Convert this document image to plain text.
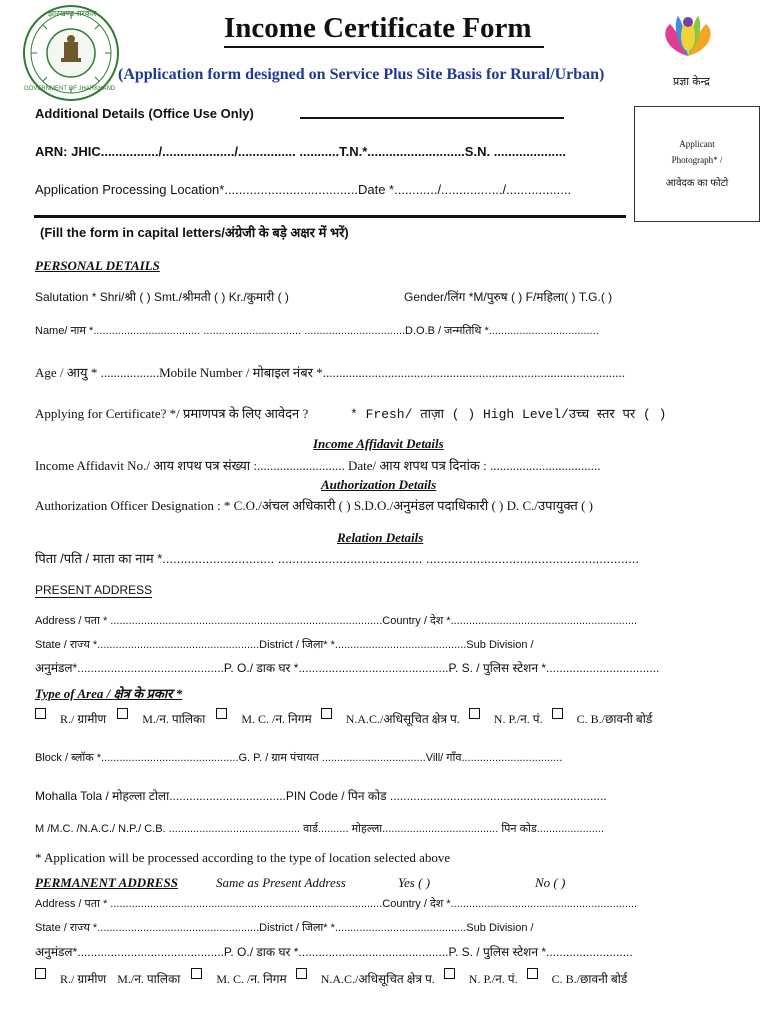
झारखण्ड सरकार
GOVERNMENT OF JHARKHAND
Income Certificate Form
(Application form designed on Service Plus Site Basis for Rural/Urban)	प्रज्ञा केन्द्र
Additional Details (Office Use Only)
ARN: JHIC................/..................../................ ...........T.N.*...........................S.N. ....................
Application Processing Location*.....................................Date *............/................./..................
Applicant
Photograph* /
आवेदक का फोटो
(Fill the form in capital letters/अंग्रेजी के बड़े अक्षर में भरें)
PERSONAL DETAILS
Salutation * Shri/श्री ( ) Smt./श्रीमती ( ) Kr./कुमारी ( )	Gender/लिंग *M/पुरुष ( ) F/महिला( ) T.G.( )
Name/ नाम *................................... ................................ .................................D.O.B / जन्मतिथि *....................................
Age / आयु * ..................Mobile Number / मोबाइल नंबर *.............................................................................................
Applying for Certificate? */ प्रमाणपत्र के लिए आवेदन ?	* Fresh/ ताज़ा ( ) High Level/उच्च स्तर पर ( )
Income Affidavit Details
Income Affidavit No./ आय शपथ पत्र संख्या :........................... Date/ आय शपथ पत्र दिनांक : ..................................
Authorization Details
Authorization Officer Designation : * C.O./अंचल अधिकारी ( ) S.D.O./अनुमंडल पदाधिकारी ( ) D. C./उपायुक्त ( )
Relation Details
पिता /पति / माता का नाम *............................... ........................................ ...........................................................
PRESENT ADDRESS
Address / पता * .........................................................................................Country / देश *.............................................................
State / राज्य *.....................................................District / जिला* *...........................................Sub Division /
अनुमंडल*............................................P. O./ डाक घर *.............................................P. S. / पुलिस स्टेशन *..................................
Type of Area / क्षेत्र के प्रकार *
R./ ग्रामीण	M./न. पालिका	M. C. /न. निगम	N.A.C./अधिसूचित क्षेत्र प.	N. P./न. पं.	C. B./छावनी बोर्ड
Block / ब्लॉक *.............................................G. P. / ग्राम पंचायत ..................................Vill/ गाँव.................................
Mohalla Tola / मोहल्ला टोला...................................PIN Code / पिन कोड .................................................................
M /M.C. /N.A.C./ N.P./ C.B. ........................................... वार्ड.......... मोहल्ला...................................... पिन कोड......................
* Application will be processed according to the type of location selected above
PERMANENT ADDRESS	Same as Present Address	Yes ( )	No ( )
Address / पता * .........................................................................................Country / देश *.............................................................
State / राज्य *.....................................................District / जिला* *...........................................Sub Division /
अनुमंडल*............................................P. O./ डाक घर *.............................................P. S. / पुलिस स्टेशन *..........................
R./ ग्रामीण M./न. पालिका	M. C. /न. निगम	N.A.C./अधिसूचित क्षेत्र प.	N. P./न. पं.	C. B./छावनी बोर्ड
